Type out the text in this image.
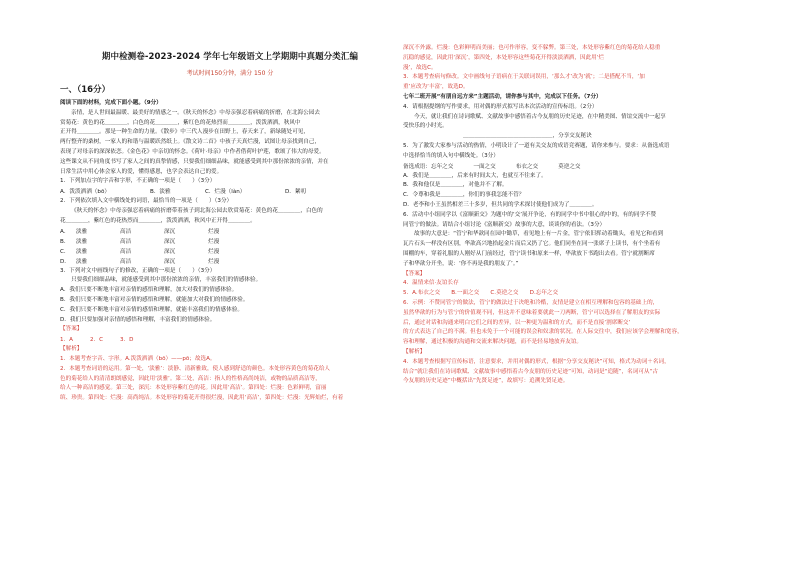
期中检测卷-2023-2024 学年七年级语文上学期期中真题分类汇编
考试时间150分钟，满分 150 分
一、（16分）

阅读下面的材料，完成下面小题。（9分）

亲情，是人世间最温暖、最美好的情感之一。《秋天的怀念》中母亲强忍着病痛的折磨，在北海公园去

赏菊花：黄色的花＿＿＿＿，白色的花＿＿＿＿，紫红色的花热烈而＿＿＿＿，泼泼洒洒，秋风中

正开得＿＿＿＿。那是一种生命的力量。《散步》中三代人漫步在田野上，春天来了，新绿随处可见，

两行整齐的桑树，一家人的和谐与温暖跃然纸上。《散文诗二首》中孩子天真烂漫，试图让母亲找到自己，

表现了对母亲的深深依恋。《金色花》中亲切的怀念。《荷叶·母亲》中作者借荷叶护莲，歌颂了伟大的母爱。

这些课文从不同角度书写了家人之间的真挚情感，只要我们细细品味，就能感受到其中那份浓浓的亲情，并在

日常生活中用心体会家人的爱，懂得感恩，也学会表达自己的爱。

1．下列加点字的字音和字形，不正确的一项是（　　）（3分）

A．泼泼洒洒（bō）	B．淡雅	C．烂漫（làn）	D．絮叨

2．下列依次填入文中横线处的词语，最恰当的一项是（　　）（3分）

《秋天的怀念》中母亲强忍着病痛的折磨带着孩子到北海公园去欣赏菊花：黄色的花＿＿＿＿，白色的

花＿＿＿＿，紫红色的花热烈而＿＿＿＿，泼泼洒洒，秋风中正开得＿＿＿＿。

A．	淡雅	高洁	深沉	烂漫
B．	淡雅	高洁	深沉	烂漫
C．	淡雅	高洁	深沉	烂漫
D．	淡雅	高洁	深沉	烂漫

3．下列对文中画线句子的修改，正确的一项是（　　）（3分）

只要我们细细品味，就能感受到其中那份浓浓的亲情，丰富我们的情感体验。

A．我们只要不断地丰富对亲情的感悟和理解，加大对我们的情感体验。

B．我们只要不断地丰富对亲情的感悟和理解，就能加大对我们的情感体验。

C．我们只要不断地丰富对亲情的感悟和理解，就能丰富我们的情感体验。

D．我们只要加强对亲情的感悟和理解，丰富我们的情感体验。

【答案】

1．A	2．C	3．D

【解析】

1．本题考查字音、字形。A.泼泼洒洒（bō）——pō；故选A。

2．本题考查词语的运用。第一处，‘淡雅’：淡静、清新雅致，使人感到舒适的颜色。本处形容黄色的菊花给人

色的菊花给人的清清朗朗感觉，因此用‘淡雅’。第二处，高洁：指人的性格高尚纯洁，或物的品质高洁等，

给人一种高洁的感觉。第三处，深沉：本处形容紫红色的花。因此用‘高洁’。第四处：烂漫：色彩鲜明，富丽

缤、珍贵。第四处：烂漫：高尚纯洁。本处形容的菊花开得很烂漫，因此用‘高洁’，第四处：烂漫：光辉灿烂，有着

深沉不外露。烂漫：色彩鲜明而美丽；也可作形容，变不躲弊。第三处，本处形容紫红色的菊花给人稳重

沉稳的感觉，因此用‘深沉’，第四处，本处形容这些菊花开得淡淡洒洒，因此用‘烂

漫’，故选C。

3．本题考查病句修改。文中画线句子语病在于关联词误用，‘那么才’改为‘就’；二是搭配不当，‘加

重’应改为‘丰富’，故选D。

七年二班开展“有朋自远方来”主题活动，请你参与其中，完成以下任务。（7分）

4．请根据提纲的写作要求，用对偶的形式拟写出本次活动的宣传标语。（2分）

今天，就让我们在诗词歌赋、文献故事中感悟着古今友朋的历史足迹，在中精美图、情谊交流中一起享

受快乐的小时光。

＿＿＿＿＿＿＿＿＿＿＿＿＿＿＿＿，分享交友秘诀

5．为了激发大家参与活动的热情，小明设计了一道有关交友的成语竞赛题，请你来参与。要求：从备选成语

中选择恰当的填入句中横线处。（3分）

备选成语：忘年之交	一面之交	布衣之交	莫逆之交

A．我们是＿＿＿＿，后来有时间太大，也就互不往来了。

B．我和他仅是＿＿＿＿，对他并不了解。

C．令尊和我是＿＿＿＿，你们的事我怎能不管？

D．老李和小王虽然相差三十多岁，但共同的学术探讨使他们成为了＿＿＿＿。

6．活动中小组同学以《富顺新交》为题中的‘交’展开争论，有的同学中书中很心的中的，有的同学不赞

同管宁的做法。请结合小组讨论《富顺新交》故事的大意，谈谈你的看法。（3分）

故事的大意是：“管宁和华歆同在园中锄草，看见地上有一片金，管宁依旧挥动着锄头，看见它和看到

瓦片石头一样没有区别，华歆高兴地拾起金片而后又扔了它。他们同坐在同一张席子上读书，有个坐着有

围棚的车，穿着礼服的人刚好从门前经过，管宁读书和原来一样，华歆放下书跑出去看。管宁就割断席

子和华歆分开坐，说：‘你不再是我的朋友了’。”

【答案】

4．温情来信·友谊长存

5．A.布衣之交　　B.一面之交　　C.莫逆之交　　D.忘年之交

6．示例：不赞同管宁的做法，管宁的做法过于决绝和冷酷，友情是建立在相互理解和包容的基础上的，

虽然华歆的行为与管宁的价值观不同，但这并不意味着要就此一刀两断，管宁可以选择在了解朋友的实际

后，通过对话和沟通来明白它们之间的差异，以一种更为温和的方式，而不是直接‘割席断交’

的方式表达了自己的不满。但也未免于一个可能的误会和奴隶的状况。在人际交往中，我们应该学会理解和宽容，

容和理解，通过积极的沟通和交流来解决问题，而不是轻易地放弃友谊。

【解析】

4．本题考查根据写宣传标语，注意要求，并用对偶的形式，根据“分享交友秘诀”可知，格式为动词＋名词，

结合“就让我们在诗词歌赋、文献故事中感悟着古今友朋的历史足迹”可知，动词是“追随”，名词可从“古

今友朋的历史足迹”中概括出“先贤足迹”，故填写：追溯先贤足迹。
